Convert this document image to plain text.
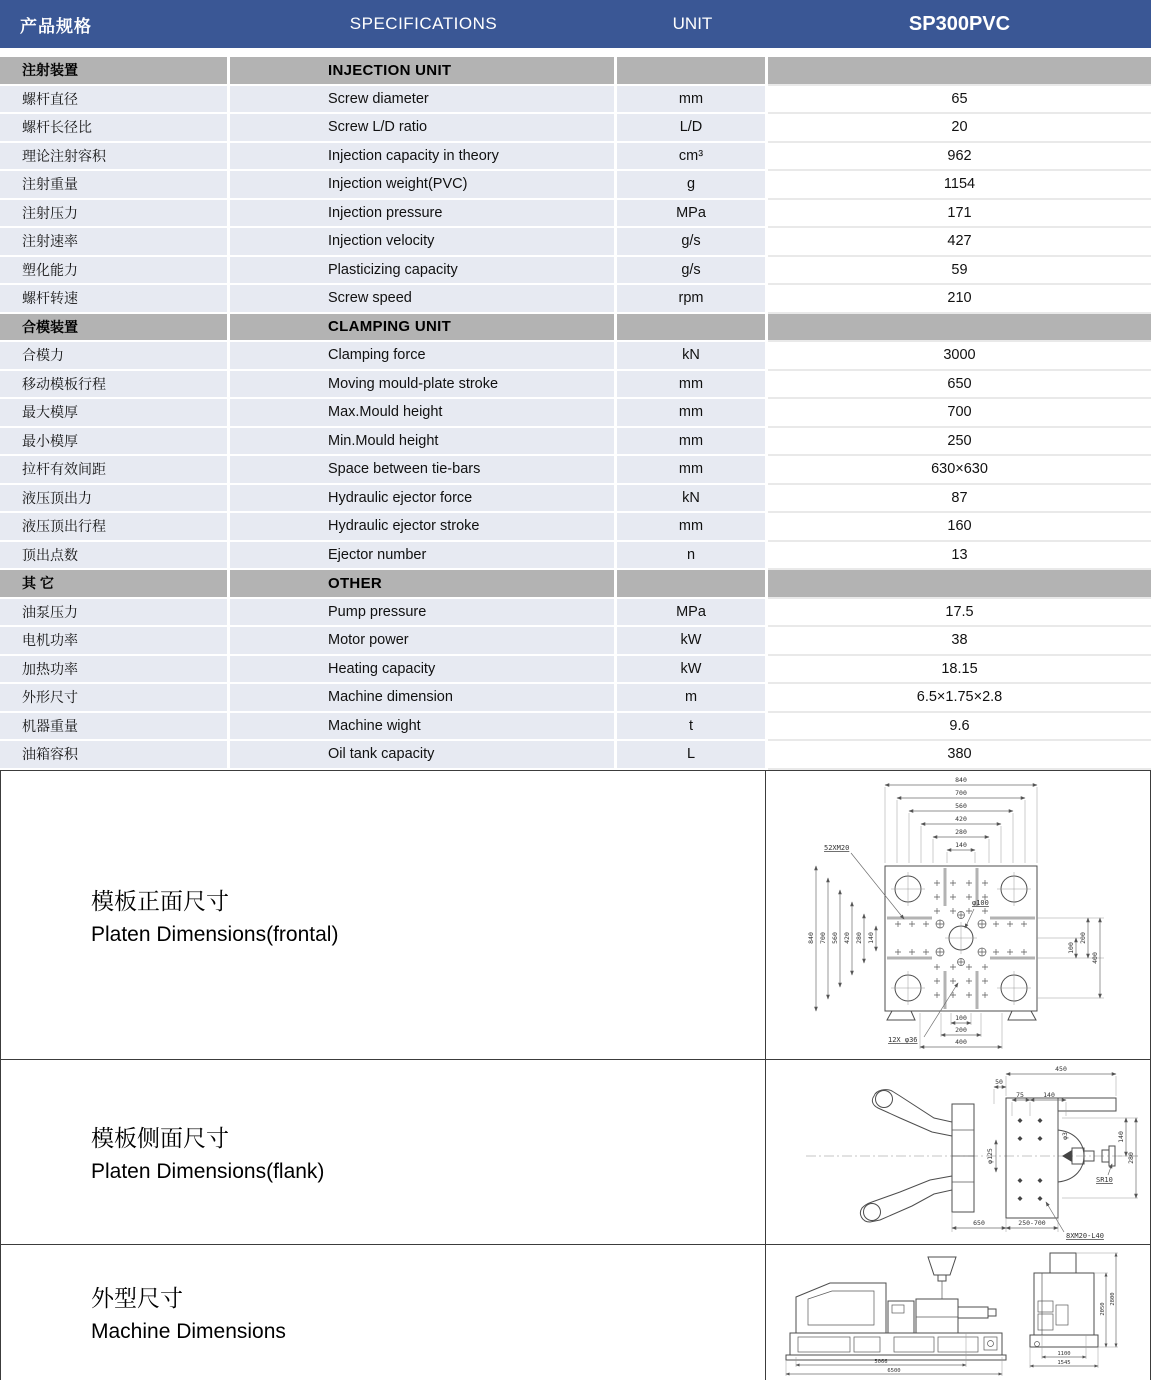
产品规格	SPECIFICATIONS	UNIT	SP300PVC
注射装置	INJECTION UNIT
螺杆直径	Screw diameter	mm	65
螺杆长径比	Screw L/D ratio	L/D	20
理论注射容积	Injection capacity in theory	cm³	962
注射重量	Injection weight(PVC)	g	1154
注射压力	Injection pressure	MPa	171
注射速率	Injection velocity	g/s	427
塑化能力	Plasticizing capacity	g/s	59
螺杆转速	Screw speed	rpm	210
合模装置	CLAMPING UNIT
合模力	Clamping force	kN	3000
移动模板行程	Moving mould-plate stroke	mm	650
最大模厚	Max.Mould height	mm	700
最小模厚	Min.Mould height	mm	250
拉杆有效间距	Space between tie-bars	mm	630×630
液压顶出力	Hydraulic ejector force	kN	87
液压顶出行程	Hydraulic ejector stroke	mm	160
顶出点数	Ejector number	n	13
其 它	OTHER
油泵压力	Pump pressure	MPa	17.5
电机功率	Motor power	kW	38
加热功率	Heating capacity	kW	18.15
外形尺寸	Machine dimension	m	6.5×1.75×2.8
机器重量	Machine wight	t	9.6
油箱容积	Oil tank capacity	L	380
模板正面尺寸
Platen Dimensions(frontal)
840
700
560
420
280
140
840 700 560 420 280 140
100
200
400
100
200
400
52XM20
φ100
12X φ36
模板侧面尺寸
Platen Dimensions(flank)
450
50
75	140
140
280
φ125
φ3
SR10
650	250-700
8XM20-L40
外型尺寸
Machine Dimensions
5066
6500
1100
1545
2050
2800
